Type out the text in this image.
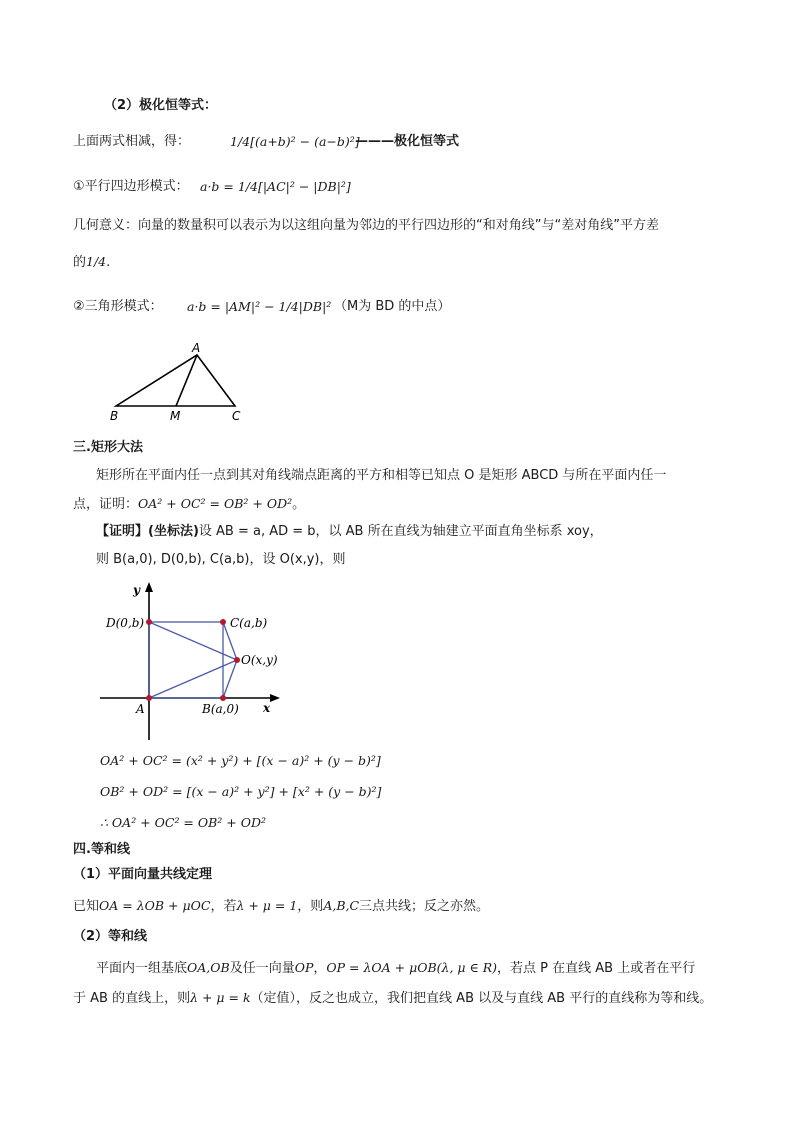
（2）极化恒等式：
上面两式相减，得：	1/4[(a+b)² − (a−b)²]
———极化恒等式
①平行四边形模式： a·b = 1/4[|AC|² − |DB|²]
几何意义：向量的数量积可以表示为以这组向量为邻边的平行四边形的“和对角线”与“差对角线”平方差
的1/4.
②三角形模式： a·b = |AM|² − 1/4|DB|² （M为 BD 的中点）
A
B	M	C
三.矩形大法
矩形所在平面内任一点到其对角线端点距离的平方和相等已知点 O 是矩形 ABCD 与所在平面内任一
点，证明：OA² + OC² = OB² + OD²。
【证明】(坐标法)设 AB = a, AD = b，以 AB 所在直线为轴建立平面直角坐标系 xoy，
则 B(a,0), D(0,b), C(a,b)，设 O(x,y)，则
y
x
D(0,b)	C(a,b)
O(x,y)
A	B(a,0)
OA² + OC² = (x² + y²) + [(x − a)² + (y − b)²]
OB² + OD² = [(x − a)² + y²] + [x² + (y − b)²]
∴ OA² + OC² = OB² + OD²
四.等和线
（1）平面向量共线定理
已知OA = λOB + μOC，若λ + μ = 1，则A,B,C三点共线；反之亦然。
（2）等和线
平面内一组基底OA,OB及任一向量OP，OP = λOA + μOB(λ, μ ∈ R)，若点 P 在直线 AB 上或者在平行
于 AB 的直线上，则λ + μ = k（定值），反之也成立，我们把直线 AB 以及与直线 AB 平行的直线称为等和线。
